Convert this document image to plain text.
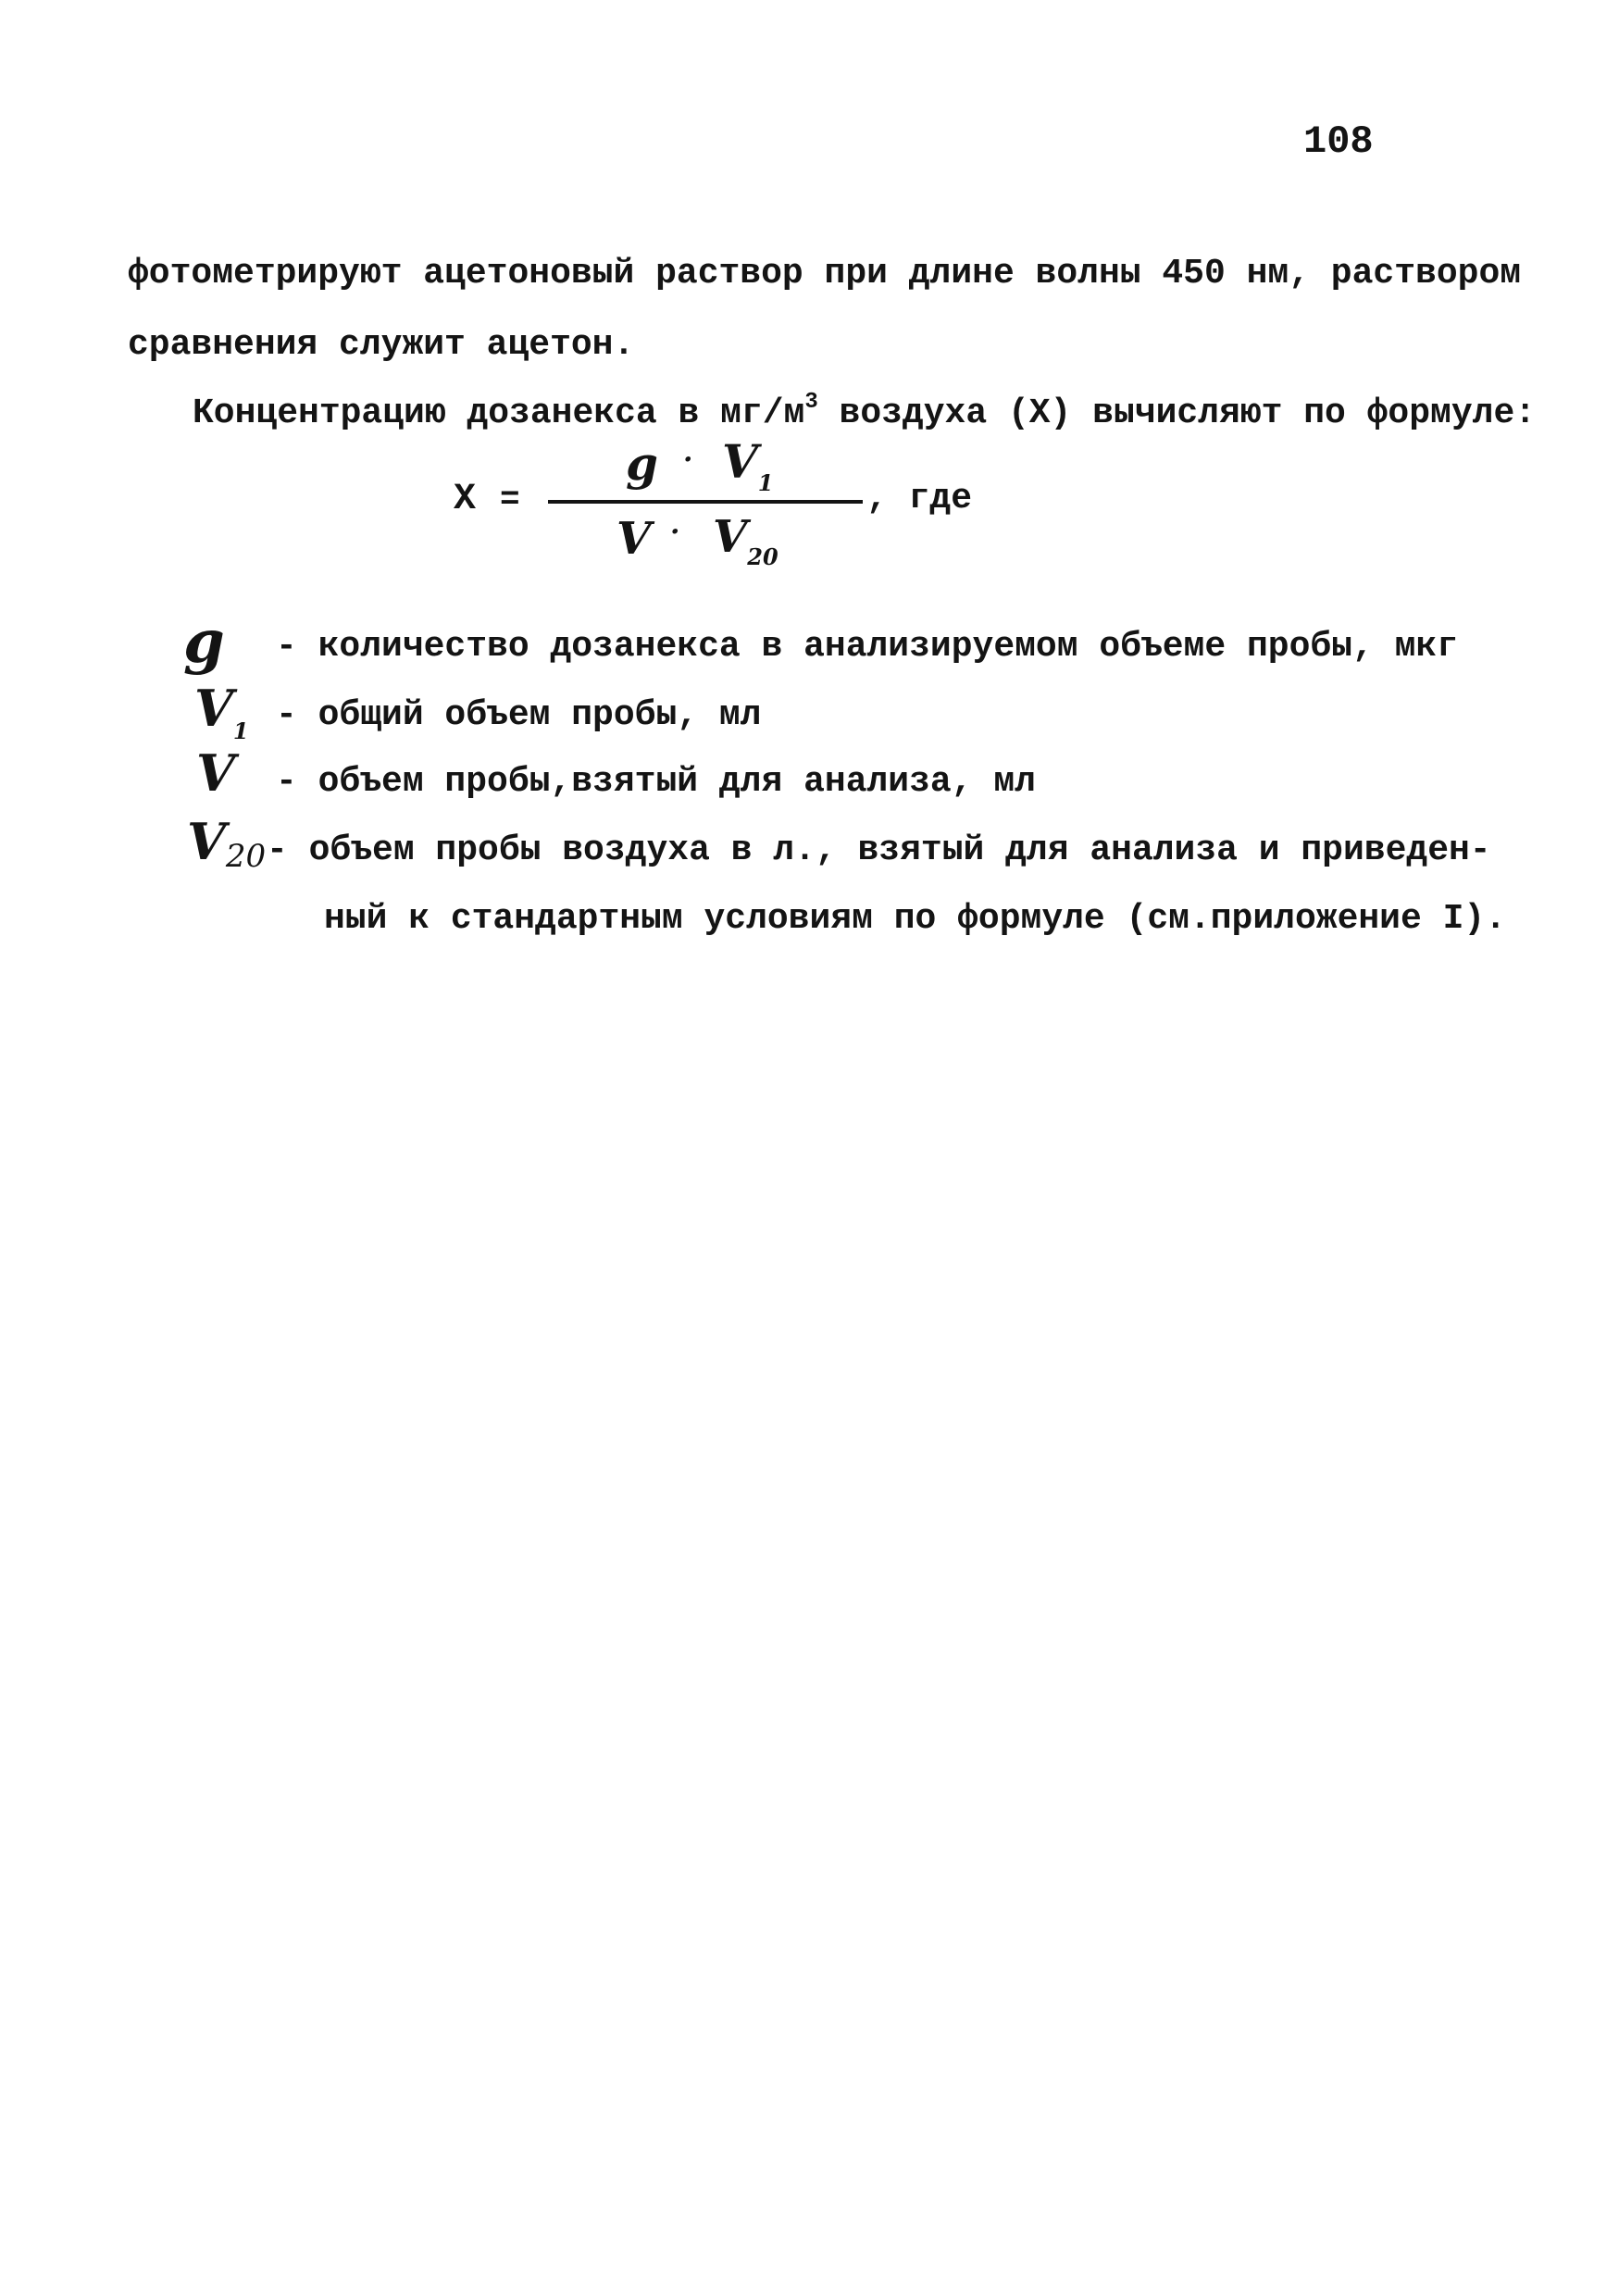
108
фотометрируют ацетоновый раствор при длине волны 450 нм, раствором
сравнения служит ацетон.
Концентрацию дозанекса в $мг/м^3$ воздуха (X) вычисляют по формуле:
X =
$g \cdot V_1$
$V \cdot V_{20}$
, где
g - количество дозанекса в анализируемом объеме пробы, мкг
$V_1$ - общий объем пробы, мл
V - объем пробы,взятый для анализа, мл
V20 - объем пробы воздуха в л., взятый для анализа и приведен-
ный к стандартным условиям по формуле (см.приложение I).
